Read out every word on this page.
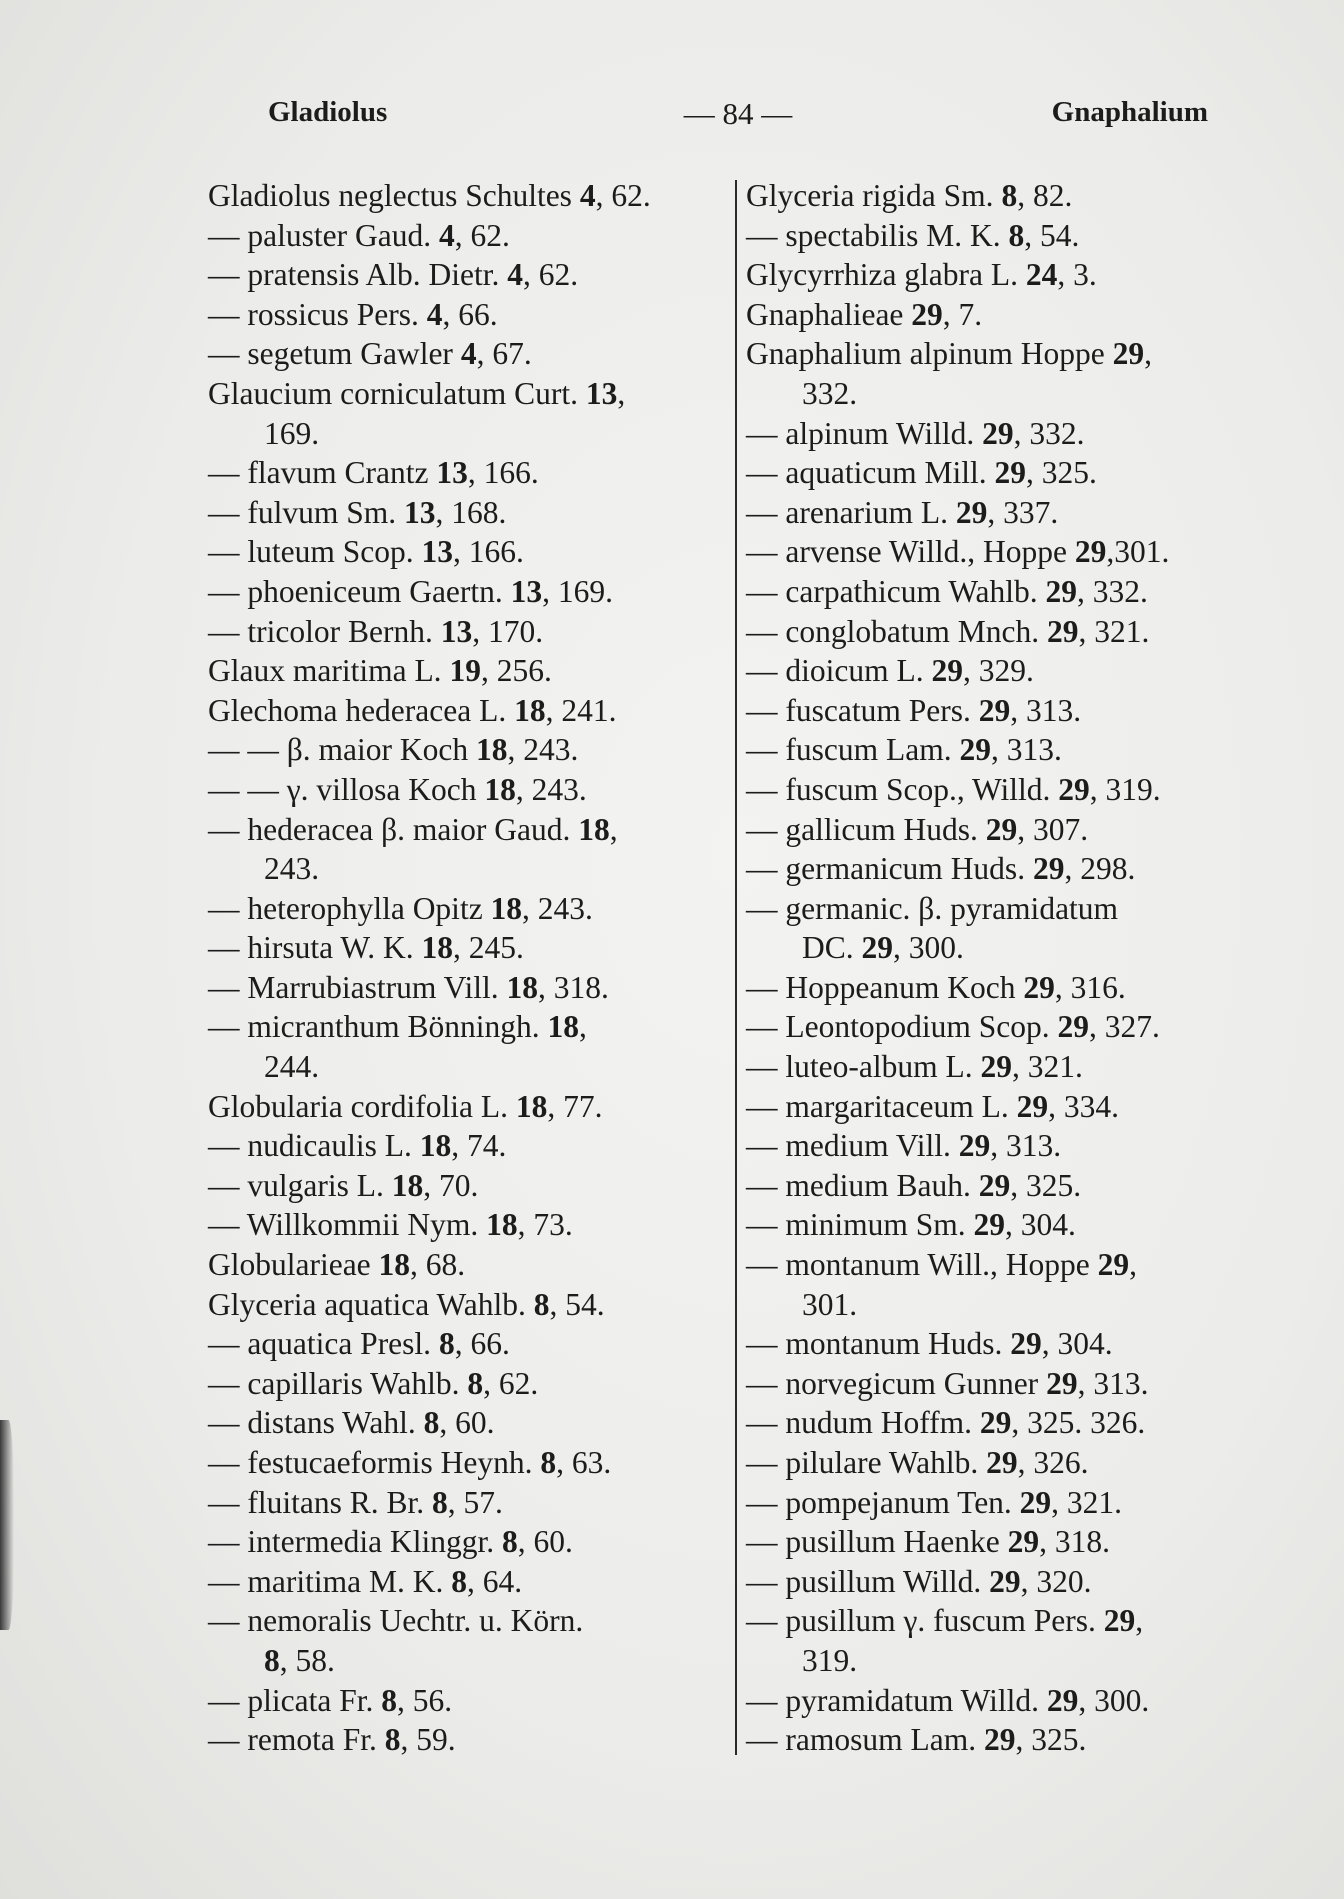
Gladiolus	— 84 —	Gnaphalium
Gladiolus neglectus Schultes 4, 62.
— paluster Gaud. 4, 62.
— pratensis Alb. Dietr. 4, 62.
— rossicus Pers. 4, 66.
— segetum Gawler 4, 67.
Glaucium corniculatum Curt. 13,
169.
— flavum Crantz 13, 166.
— fulvum Sm. 13, 168.
— luteum Scop. 13, 166.
— phoeniceum Gaertn. 13, 169.
— tricolor Bernh. 13, 170.
Glaux maritima L. 19, 256.
Glechoma hederacea L. 18, 241.
— — β. maior Koch 18, 243.
— — γ. villosa Koch 18, 243.
— hederacea β. maior Gaud. 18,
243.
— heterophylla Opitz 18, 243.
— hirsuta W. K. 18, 245.
— Marrubiastrum Vill. 18, 318.
— micranthum Bönningh. 18,
244.
Globularia cordifolia L. 18, 77.
— nudicaulis L. 18, 74.
— vulgaris L. 18, 70.
— Willkommii Nym. 18, 73.
Globularieae 18, 68.
Glyceria aquatica Wahlb. 8, 54.
— aquatica Presl. 8, 66.
— capillaris Wahlb. 8, 62.
— distans Wahl. 8, 60.
— festucaeformis Heynh. 8, 63.
— fluitans R. Br. 8, 57.
— intermedia Klinggr. 8, 60.
— maritima M. K. 8, 64.
— nemoralis Uechtr. u. Körn.
8, 58.
— plicata Fr. 8, 56.
— remota Fr. 8, 59.
Glyceria rigida Sm. 8, 82.
— spectabilis M. K. 8, 54.
Glycyrrhiza glabra L. 24, 3.
Gnaphalieae 29, 7.
Gnaphalium alpinum Hoppe 29,
332.
— alpinum Willd. 29, 332.
— aquaticum Mill. 29, 325.
— arenarium L. 29, 337.
— arvense Willd., Hoppe 29,301.
— carpathicum Wahlb. 29, 332.
— conglobatum Mnch. 29, 321.
— dioicum L. 29, 329.
— fuscatum Pers. 29, 313.
— fuscum Lam. 29, 313.
— fuscum Scop., Willd. 29, 319.
— gallicum Huds. 29, 307.
— germanicum Huds. 29, 298.
— germanic. β. pyramidatum
DC. 29, 300.
— Hoppeanum Koch 29, 316.
— Leontopodium Scop. 29, 327.
— luteo-album L. 29, 321.
— margaritaceum L. 29, 334.
— medium Vill. 29, 313.
— medium Bauh. 29, 325.
— minimum Sm. 29, 304.
— montanum Will., Hoppe 29,
301.
— montanum Huds. 29, 304.
— norvegicum Gunner 29, 313.
— nudum Hoffm. 29, 325. 326.
— pilulare Wahlb. 29, 326.
— pompejanum Ten. 29, 321.
— pusillum Haenke 29, 318.
— pusillum Willd. 29, 320.
— pusillum γ. fuscum Pers. 29,
319.
— pyramidatum Willd. 29, 300.
— ramosum Lam. 29, 325.
